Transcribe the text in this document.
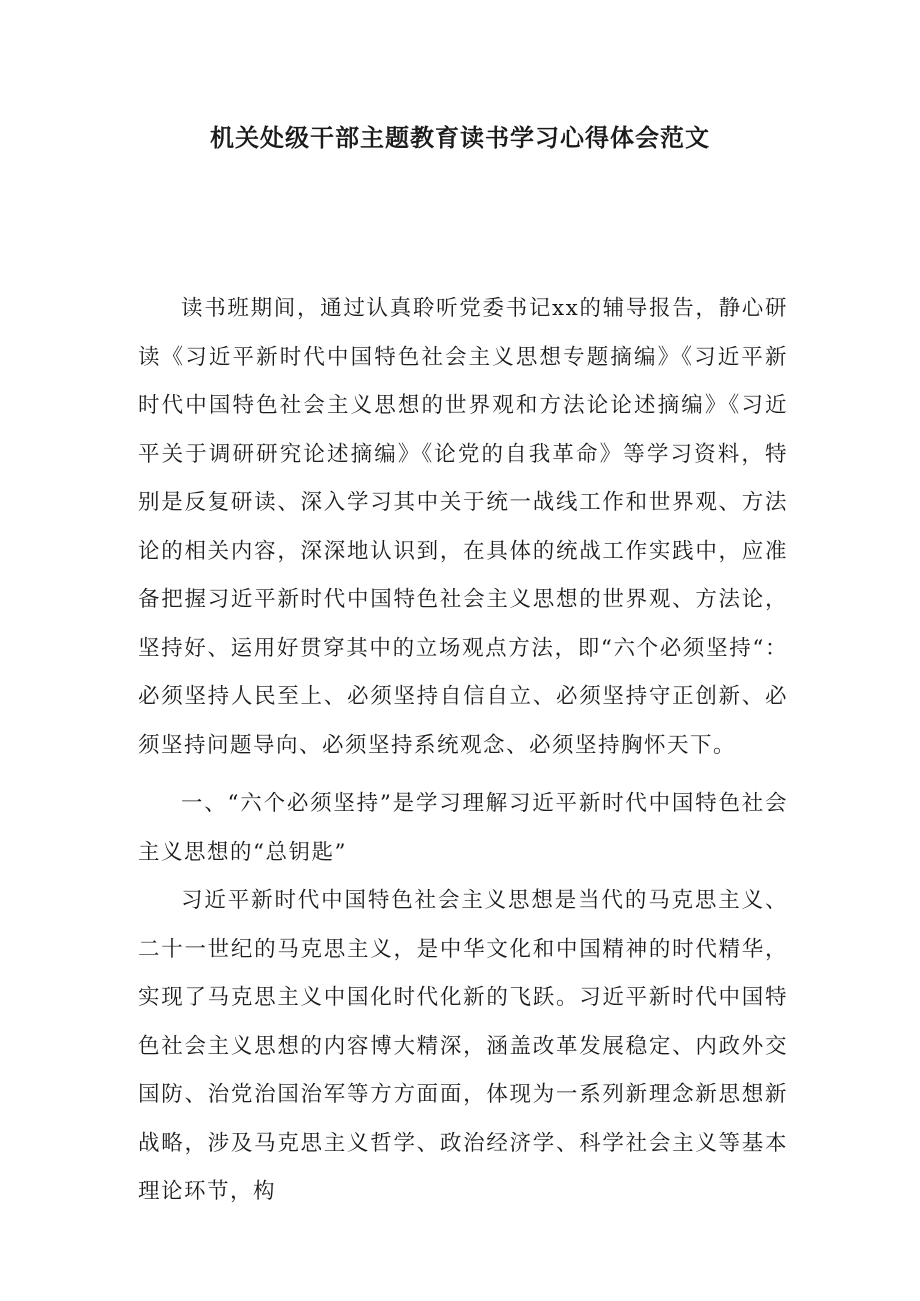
机关处级干部主题教育读书学习心得体会范文

读书班期间，通过认真聆听党委书记xx的辅导报告，静心研读《习近平新时代中国特色社会主义思想专题摘编》《习近平新时代中国特色社会主义思想的世界观和方法论论述摘编》《习近平关于调研研究论述摘编》《论党的自我革命》等学习资料，特别是反复研读、深入学习其中关于统一战线工作和世界观、方法论的相关内容，深深地认识到，在具体的统战工作实践中，应准备把握习近平新时代中国特色社会主义思想的世界观、方法论，坚持好、运用好贯穿其中的立场观点方法，即“六个必须坚持“：必须坚持人民至上、必须坚持自信自立、必须坚持守正创新、必须坚持问题导向、必须坚持系统观念、必须坚持胸怀天下。

一、“六个必须坚持”是学习理解习近平新时代中国特色社会主义思想的“总钥匙”

习近平新时代中国特色社会主义思想是当代的马克思主义、二十一世纪的马克思主义，是中华文化和中国精神的时代精华，实现了马克思主义中国化时代化新的飞跃。习近平新时代中国特色社会主义思想的内容博大精深，涵盖改革发展稳定、内政外交国防、治党治国治军等方方面面，体现为一系列新理念新思想新战略，涉及马克思主义哲学、政治经济学、科学社会主义等基本理论环节，构
